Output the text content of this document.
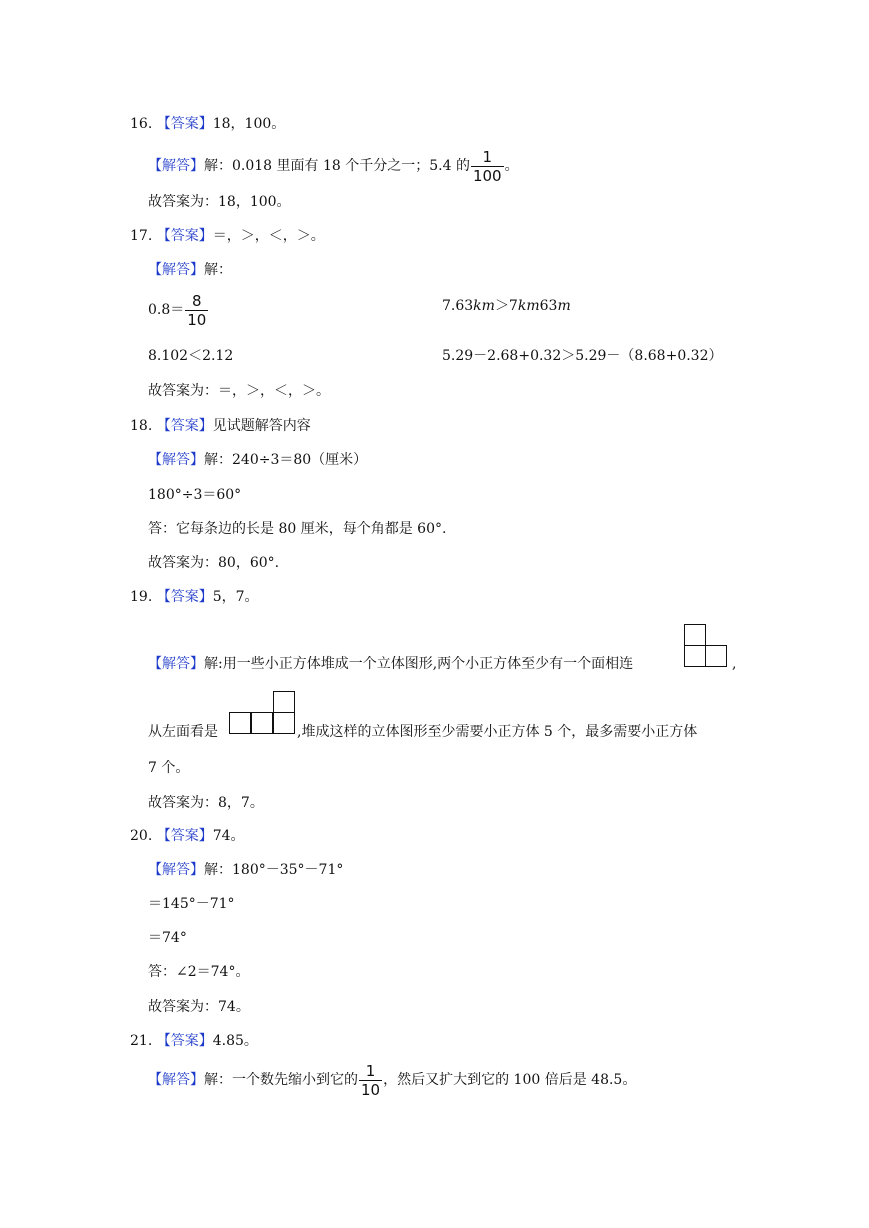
16. 【答案】18，100。
【解答】解：0.018 里面有 18 个千分之一；5.4 的 $\frac{1}{100}$ 。
故答案为：18，100。
17. 【答案】＝，＞，＜，＞。
【解答】解：
$0.8= \frac{8}{10}$	7.63km＞7km63m
8.102＜2.12	5.29－2.68+0.32＞5.29－（8.68+0.32）
故答案为：＝，＞，＜，＞。
18. 【答案】见试题解答内容
【解答】解：240÷3＝80（厘米）
180°÷3＝60°
答：它每条边的长是 80 厘米，每个角都是 60°.
故答案为：80，60°.
19. 【答案】5，7。
【解答】解:用一些小正方体堆成一个立体图形,两个小正方体至少有一个面相连	,
从左面看是	,堆成这样的立体图形至少需要小正方体 5 个，最多需要小正方体
7 个。
故答案为：8，7。
20. 【答案】74。
【解答】解：180°－35°－71°
＝145°－71°
＝74°
答：∠2＝74°。
故答案为：74。
21. 【答案】4.85。
【解答】解：一个数先缩小到它的 $\frac{1}{10}$ ，然后又扩大到它的 100 倍后是 48.5。
